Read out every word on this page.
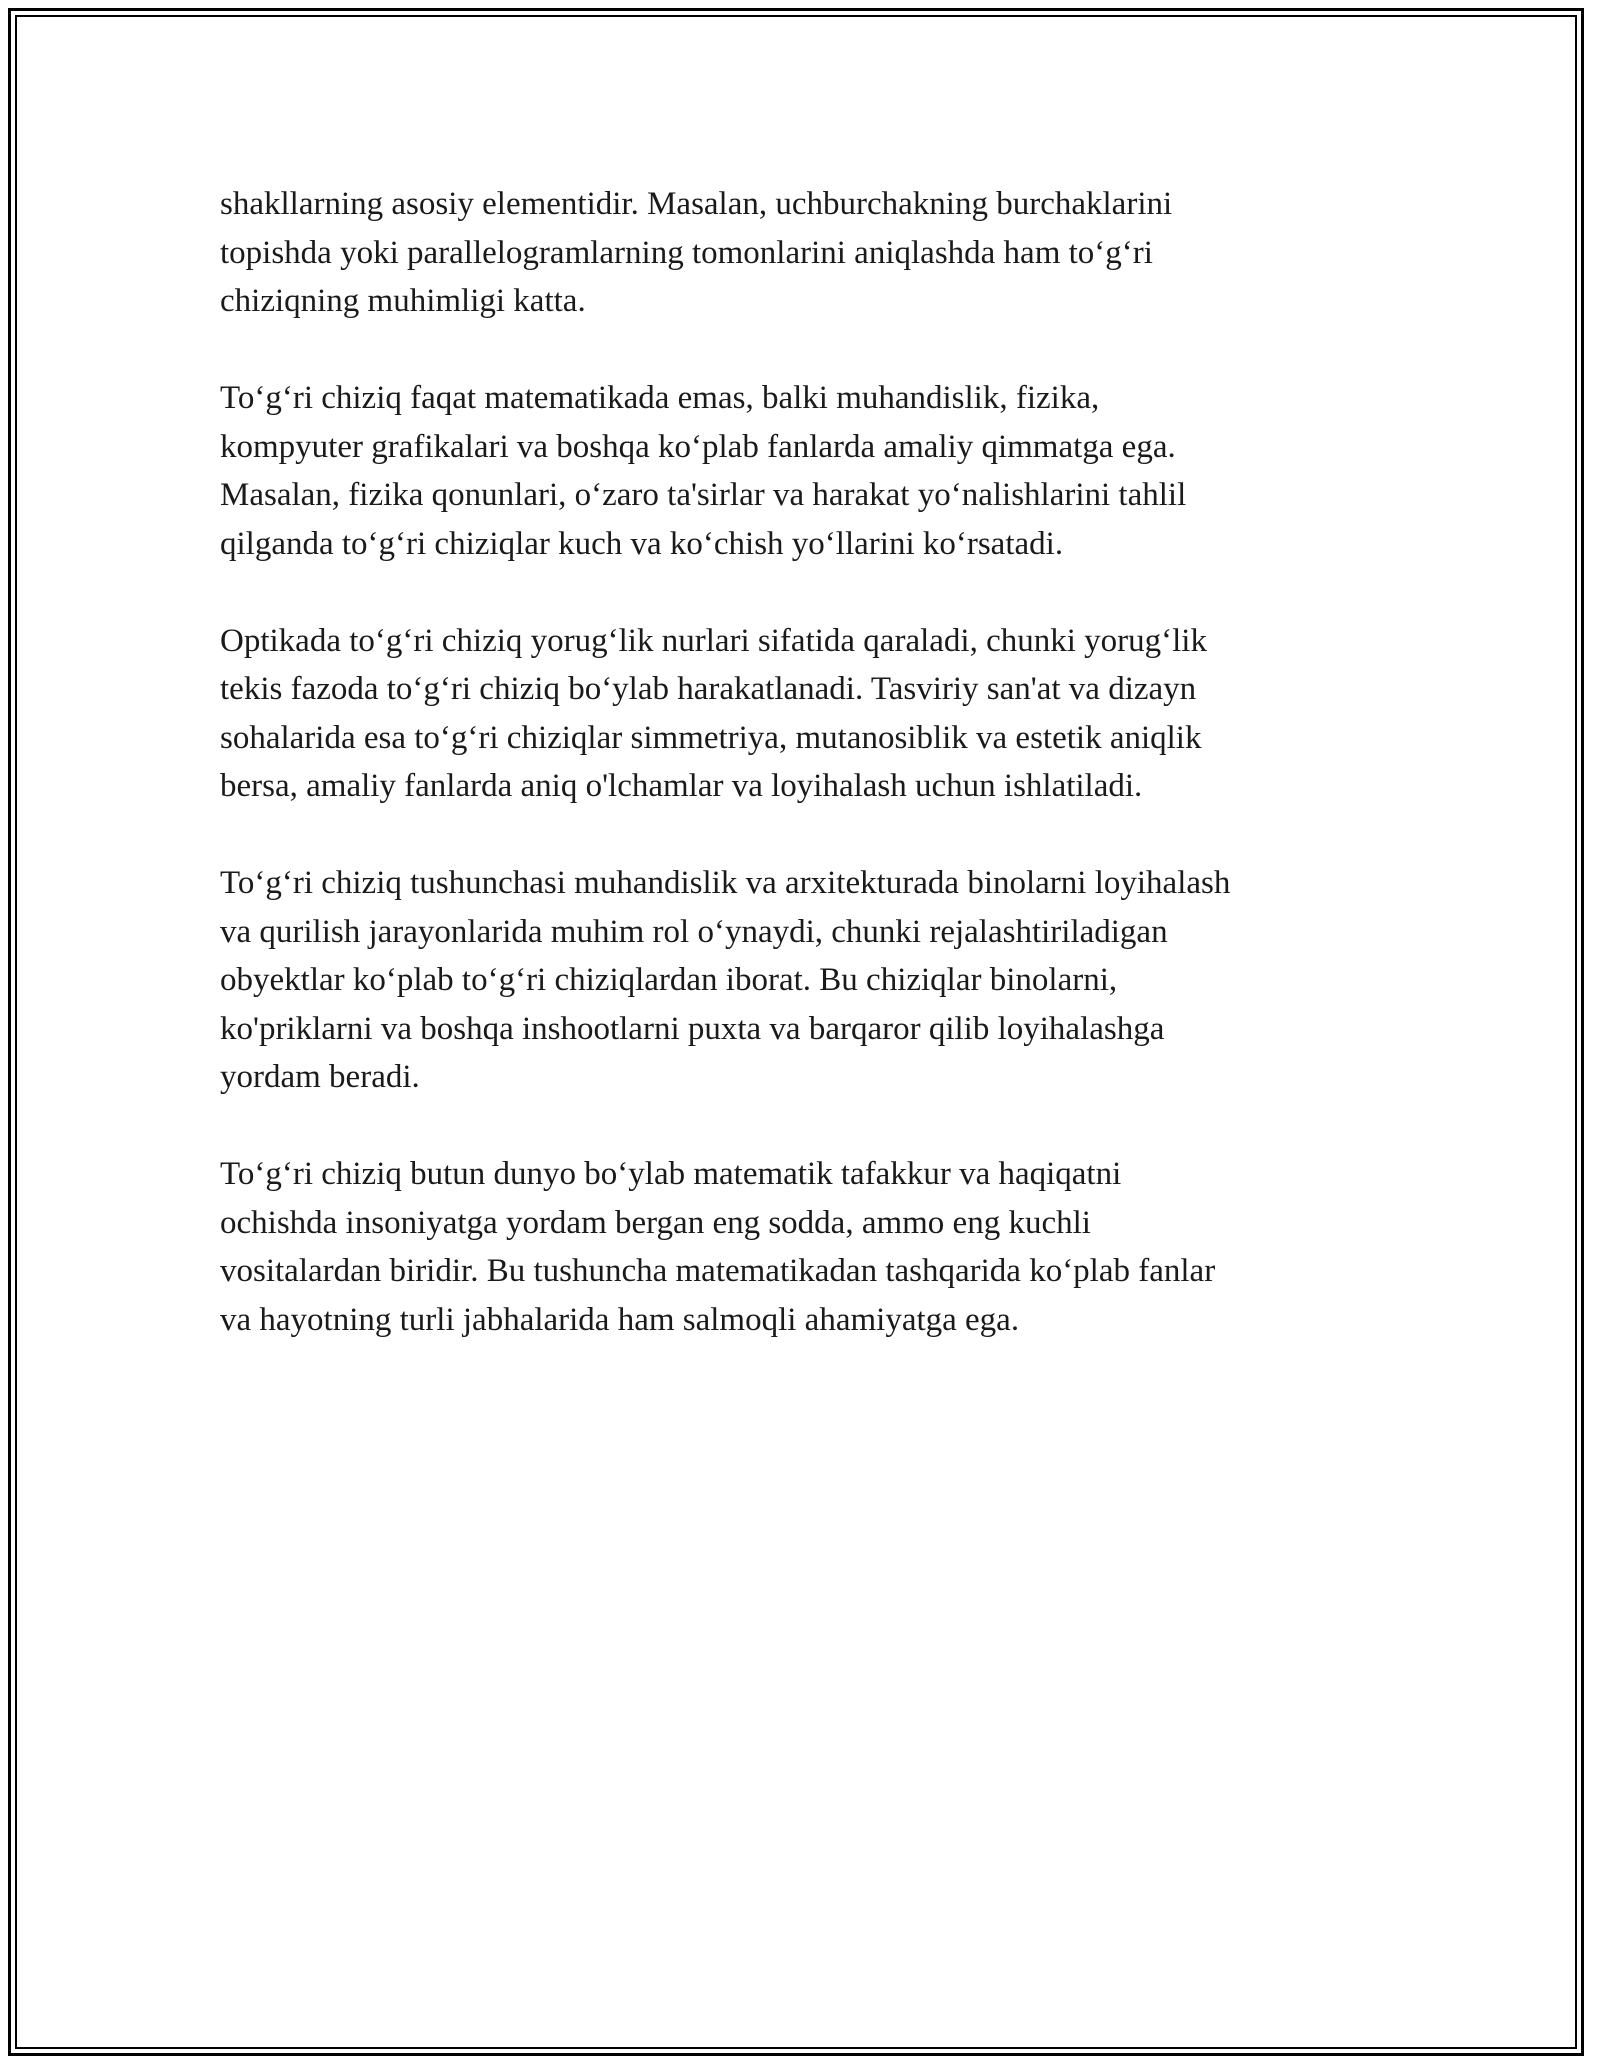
shakllarning asosiy elementidir. Masalan, uchburchakning burchaklarini
topishda yoki parallelogramlarning tomonlarini aniqlashda ham to‘g‘ri
chiziqning muhimligi katta.

To‘g‘ri chiziq faqat matematikada emas, balki muhandislik, fizika,
kompyuter grafikalari va boshqa ko‘plab fanlarda amaliy qimmatga ega.
Masalan, fizika qonunlari, o‘zaro ta'sirlar va harakat yo‘nalishlarini tahlil
qilganda to‘g‘ri chiziqlar kuch va ko‘chish yo‘llarini ko‘rsatadi.

Optikada to‘g‘ri chiziq yorug‘lik nurlari sifatida qaraladi, chunki yorug‘lik
tekis fazoda to‘g‘ri chiziq bo‘ylab harakatlanadi. Tasviriy san'at va dizayn
sohalarida esa to‘g‘ri chiziqlar simmetriya, mutanosiblik va estetik aniqlik
bersa, amaliy fanlarda aniq o'lchamlar va loyihalash uchun ishlatiladi.

To‘g‘ri chiziq tushunchasi muhandislik va arxitekturada binolarni loyihalash
va qurilish jarayonlarida muhim rol o‘ynaydi, chunki rejalashtiriladigan
obyektlar ko‘plab to‘g‘ri chiziqlardan iborat. Bu chiziqlar binolarni,
ko'priklarni va boshqa inshootlarni puxta va barqaror qilib loyihalashga
yordam beradi.

To‘g‘ri chiziq butun dunyo bo‘ylab matematik tafakkur va haqiqatni
ochishda insoniyatga yordam bergan eng sodda, ammo eng kuchli
vositalardan biridir. Bu tushuncha matematikadan tashqarida ko‘plab fanlar
va hayotning turli jabhalarida ham salmoqli ahamiyatga ega.
